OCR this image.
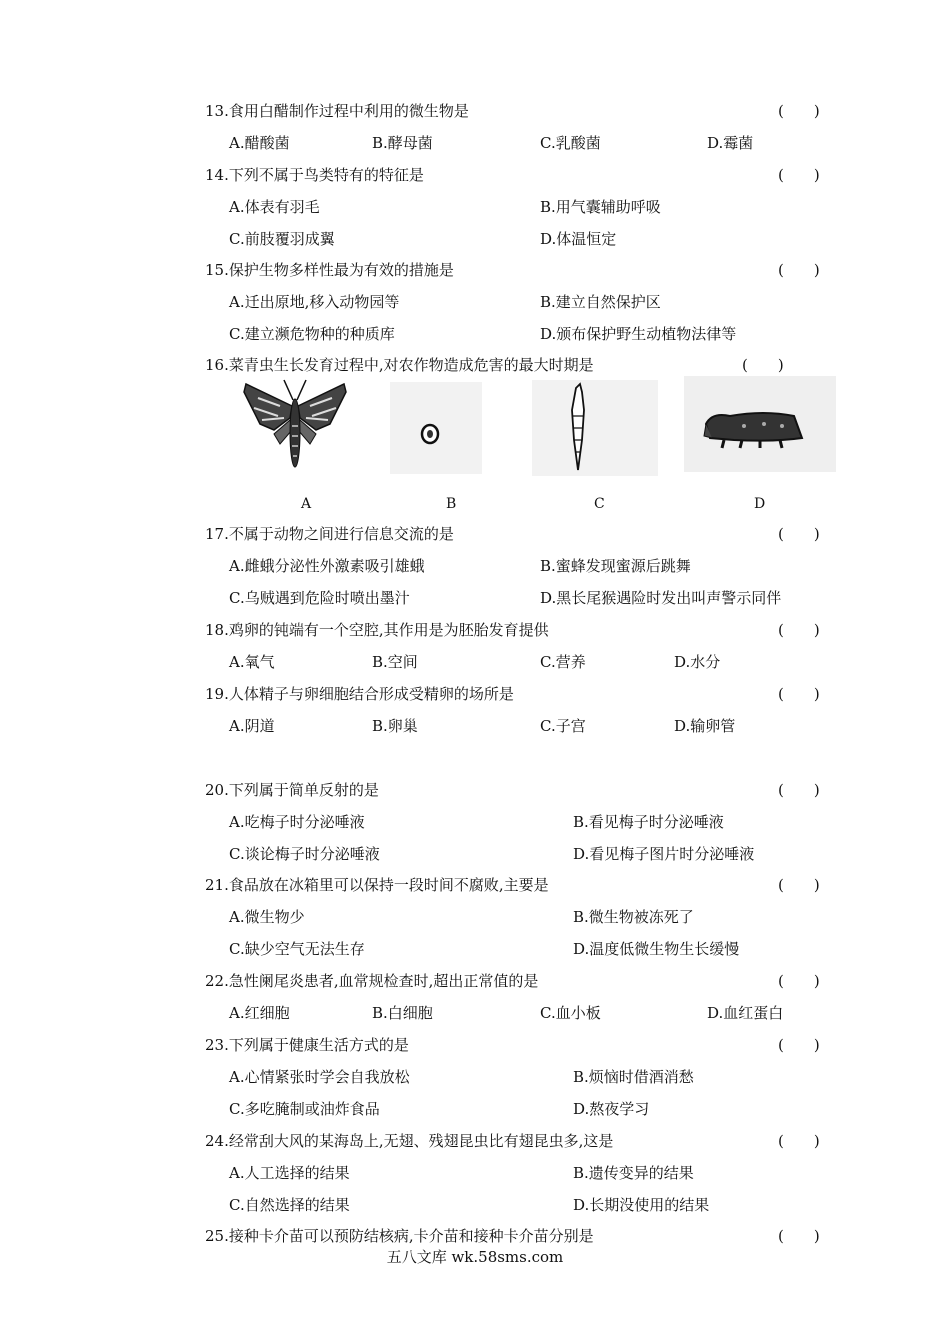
13.食用白醋制作过程中利用的微生物是	(　　)
A.醋酸菌	B.酵母菌	C.乳酸菌	D.霉菌
14.下列不属于鸟类特有的特征是	(　　)
A.体表有羽毛	B.用气囊辅助呼吸
C.前肢覆羽成翼	D.体温恒定
15.保护生物多样性最为有效的措施是	(　　)
A.迁出原地,移入动物园等	B.建立自然保护区
C.建立濒危物种的种质库	D.颁布保护野生动植物法律等
16.菜青虫生长发育过程中,对农作物造成危害的最大时期是	(　　)
A	B	C	D
17.不属于动物之间进行信息交流的是	(　　)
A.雌蛾分泌性外激素吸引雄蛾	B.蜜蜂发现蜜源后跳舞
C.乌贼遇到危险时喷出墨汁	D.黑长尾猴遇险时发出叫声警示同伴
18.鸡卵的钝端有一个空腔,其作用是为胚胎发育提供	(　　)
A.氧气	B.空间	C.营养	D.水分
19.人体精子与卵细胞结合形成受精卵的场所是	(　　)
A.阴道	B.卵巢	C.子宫	D.输卵管
20.下列属于简单反射的是	(　　)
A.吃梅子时分泌唾液	B.看见梅子时分泌唾液
C.谈论梅子时分泌唾液	D.看见梅子图片时分泌唾液
21.食品放在冰箱里可以保持一段时间不腐败,主要是	(　　)
A.微生物少	B.微生物被冻死了
C.缺少空气无法生存	D.温度低微生物生长缓慢
22.急性阑尾炎患者,血常规检查时,超出正常值的是	(　　)
A.红细胞	B.白细胞	C.血小板	D.血红蛋白
23.下列属于健康生活方式的是	(　　)
A.心情紧张时学会自我放松	B.烦恼时借酒消愁
C.多吃腌制或油炸食品	D.熬夜学习
24.经常刮大风的某海岛上,无翅、残翅昆虫比有翅昆虫多,这是	(　　)
A.人工选择的结果	B.遗传变异的结果
C.自然选择的结果	D.长期没使用的结果
25.接种卡介苗可以预防结核病,卡介苗和接种卡介苗分别是	(　　)
五八文库 wk.58sms.com
